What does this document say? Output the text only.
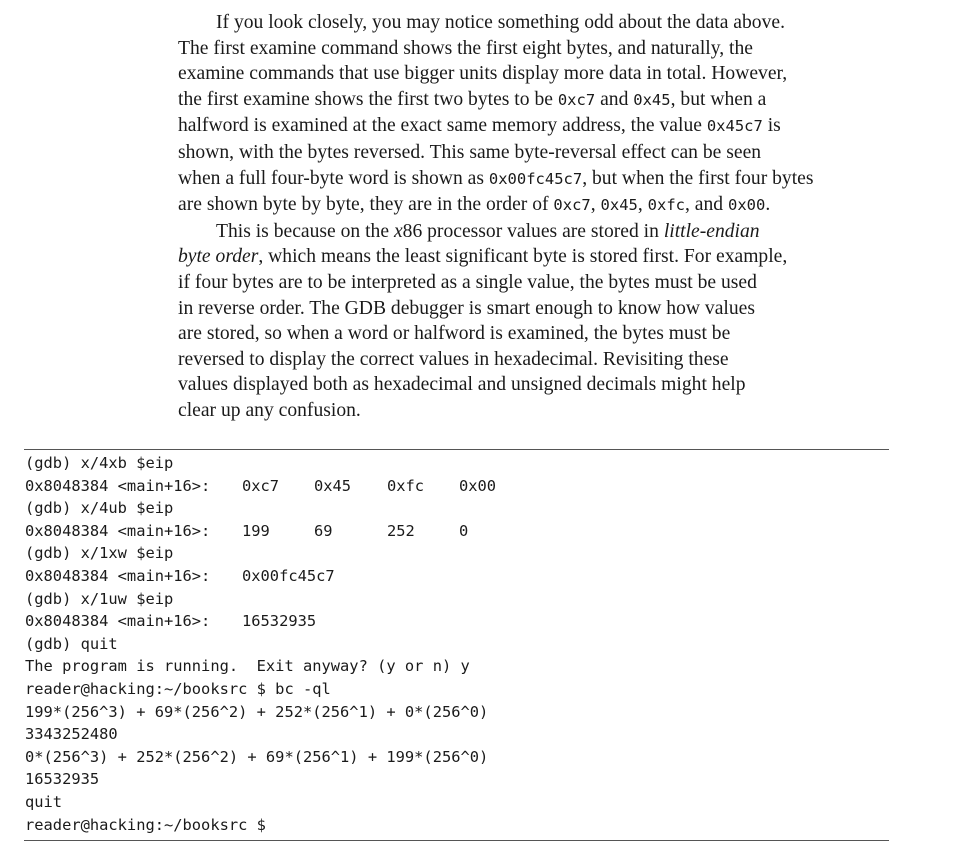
If you look closely, you may notice something odd about the data above.
The first examine command shows the first eight bytes, and naturally, the
examine commands that use bigger units display more data in total. However,
the first examine shows the first two bytes to be 0xc7 and 0x45, but when a
halfword is examined at the exact same memory address, the value 0x45c7 is
shown, with the bytes reversed. This same byte-reversal effect can be seen
when a full four-byte word is shown as 0x00fc45c7, but when the first four bytes
are shown byte by byte, they are in the order of 0xc7, 0x45, 0xfc, and 0x00.

This is because on the x86 processor values are stored in little-endian
byte order, which means the least significant byte is stored first. For example,
if four bytes are to be interpreted as a single value, the bytes must be used
in reverse order. The GDB debugger is smart enough to know how values
are stored, so when a word or halfword is examined, the bytes must be
reversed to display the correct values in hexadecimal. Revisiting these
values displayed both as hexadecimal and unsigned decimals might help
clear up any confusion.

(gdb) x/4xb $eip
0x8048384 <main+16>: 0xc7 0x45 0xfc 0x00
(gdb) x/4ub $eip
0x8048384 <main+16>: 199	69	252	0
(gdb) x/1xw $eip
0x8048384 <main+16>: 0x00fc45c7
(gdb) x/1uw $eip
0x8048384 <main+16>: 16532935
(gdb) quit
The program is running.  Exit anyway? (y or n) y
reader@hacking:~/booksrc $ bc -ql
199*(256^3) + 69*(256^2) + 252*(256^1) + 0*(256^0)
3343252480
0*(256^3) + 252*(256^2) + 69*(256^1) + 199*(256^0)
16532935
quit
reader@hacking:~/booksrc $
